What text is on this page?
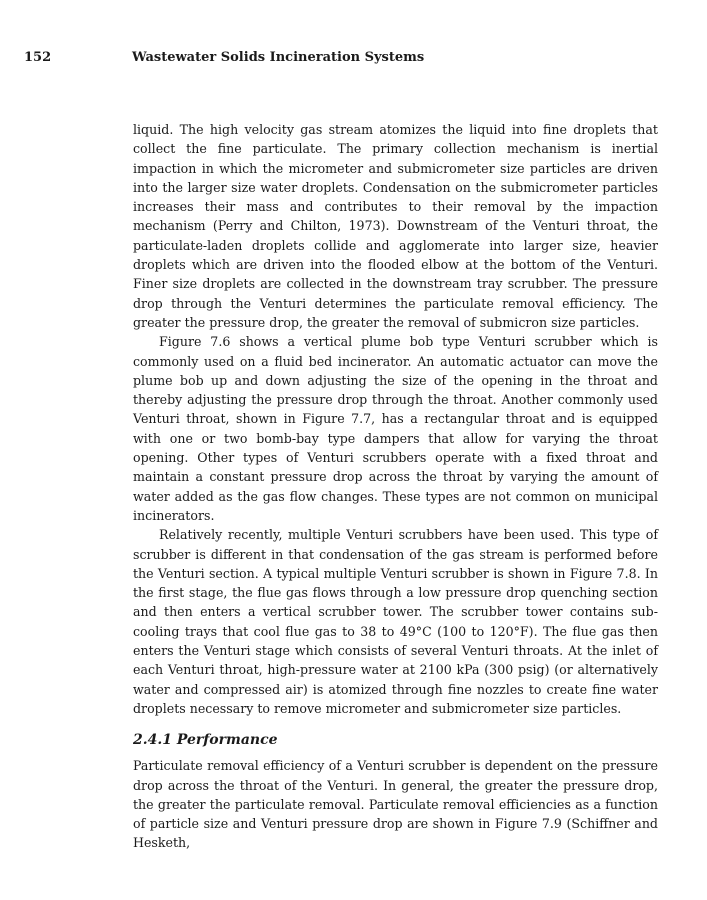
152	Wastewater Solids Incineration Systems

liquid. The high velocity gas stream atomizes the liquid into fine droplets that collect the fine particulate. The primary collection mechanism is inertial impaction in which the micrometer and submicrometer size particles are driven into the larger size water droplets. Condensation on the submicrometer particles increases their mass and contributes to their removal by the impaction mechanism (Perry and Chilton, 1973). Downstream of the Venturi throat, the particulate-laden droplets collide and agglomerate into larger size, heavier droplets which are driven into the flooded elbow at the bottom of the Venturi. Finer size droplets are collected in the downstream tray scrubber. The pressure drop through the Venturi determines the particulate removal efficiency. The greater the pressure drop, the greater the removal of submicron size particles.

Figure 7.6 shows a vertical plume bob type Venturi scrubber which is commonly used on a fluid bed incinerator. An automatic actuator can move the plume bob up and down adjusting the size of the opening in the throat and thereby adjusting the pressure drop through the throat. Another commonly used Venturi throat, shown in Figure 7.7, has a rectangular throat and is equipped with one or two bomb-bay type dampers that allow for varying the throat opening. Other types of Venturi scrubbers operate with a fixed throat and maintain a constant pressure drop across the throat by varying the amount of water added as the gas flow changes. These types are not common on municipal incinerators.

Relatively recently, multiple Venturi scrubbers have been used. This type of scrubber is different in that condensation of the gas stream is performed before the Venturi section. A typical multiple Venturi scrubber is shown in Figure 7.8. In the first stage, the flue gas flows through a low pressure drop quenching section and then enters a vertical scrubber tower. The scrubber tower contains sub-cooling trays that cool flue gas to 38 to 49°C (100 to 120°F). The flue gas then enters the Venturi stage which consists of several Venturi throats. At the inlet of each Venturi throat, high-pressure water at 2100 kPa (300 psig) (or alternatively water and compressed air) is atomized through fine nozzles to create fine water droplets necessary to remove micrometer and submicrometer size particles.

2.4.1 Performance

Particulate removal efficiency of a Venturi scrubber is dependent on the pressure drop across the throat of the Venturi. In general, the greater the pressure drop, the greater the particulate removal. Particulate removal efficiencies as a function of particle size and Venturi pressure drop are shown in Figure 7.9 (Schiffner and Hesketh,
